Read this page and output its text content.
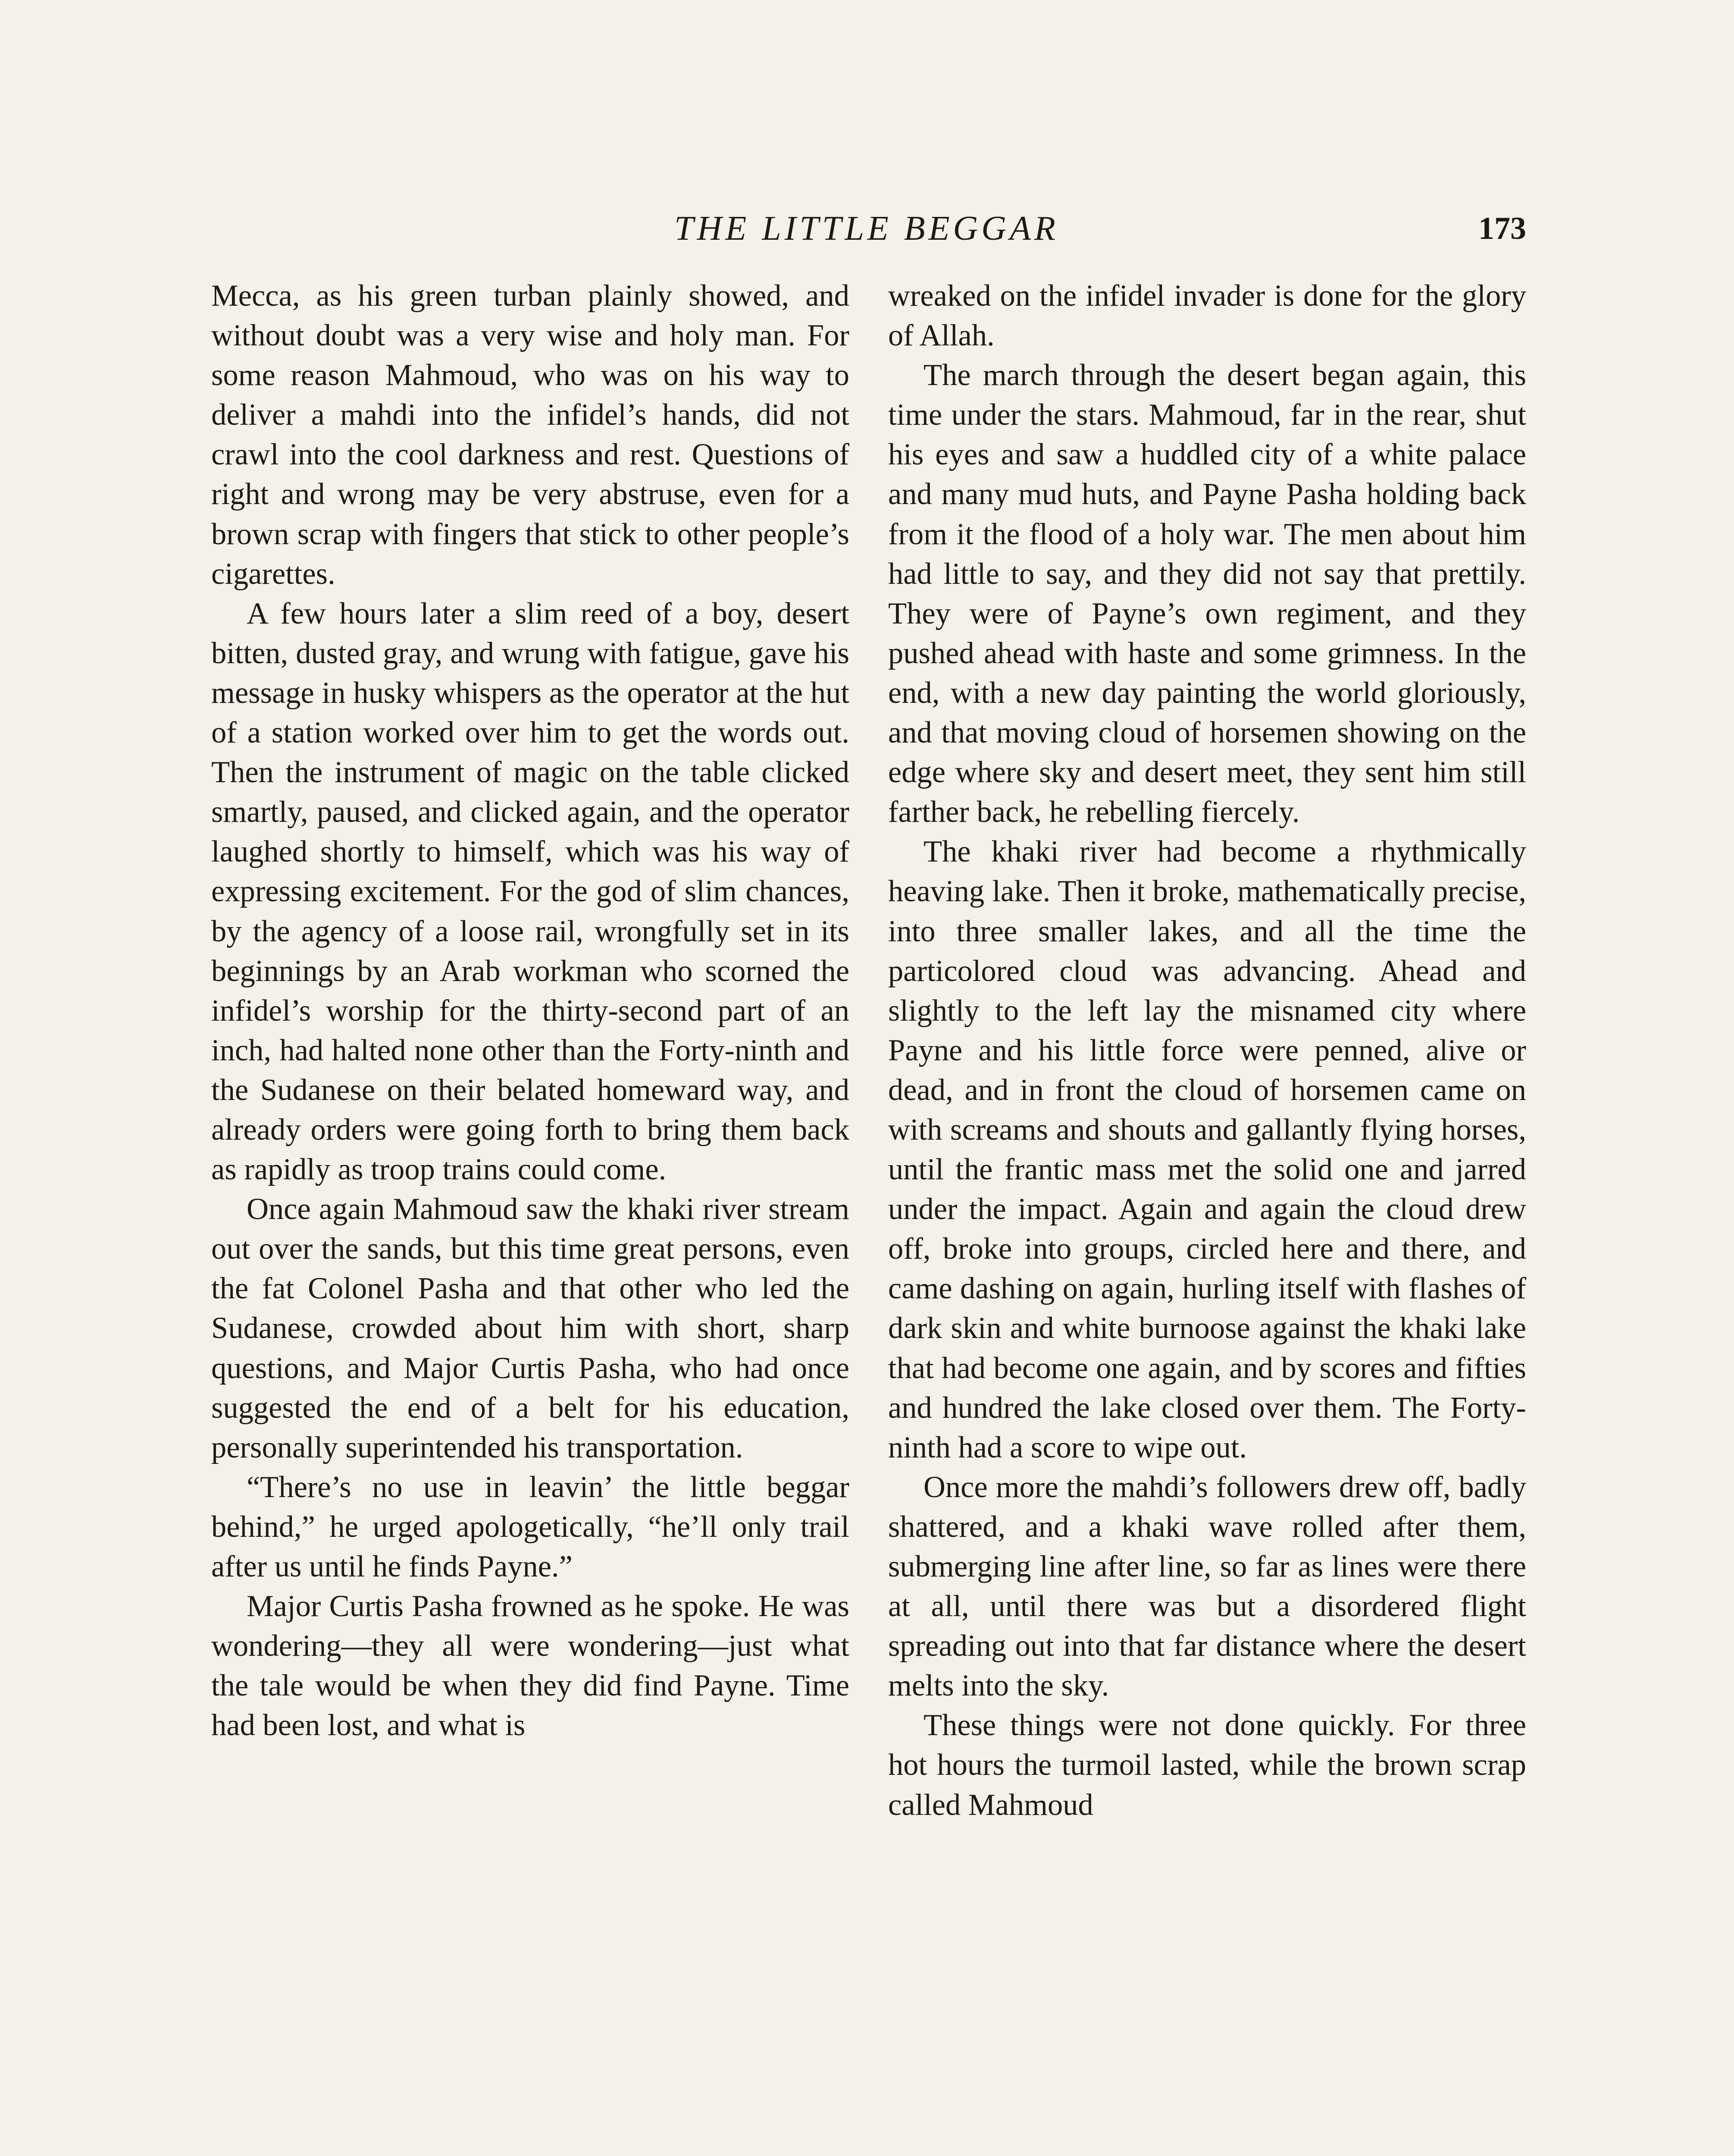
THE LITTLE BEGGAR	173

Mecca, as his green turban plainly showed, and without doubt was a very wise and holy man. For some reason Mahmoud, who was on his way to deliver a mahdi into the infidel’s hands, did not crawl into the cool darkness and rest. Questions of right and wrong may be very abstruse, even for a brown scrap with fingers that stick to other people’s cigarettes.

A few hours later a slim reed of a boy, desert bitten, dusted gray, and wrung with fatigue, gave his message in husky whispers as the operator at the hut of a station worked over him to get the words out. Then the instrument of magic on the table clicked smartly, paused, and clicked again, and the operator laughed shortly to himself, which was his way of expressing excitement. For the god of slim chances, by the agency of a loose rail, wrongfully set in its beginnings by an Arab workman who scorned the infidel’s worship for the thirty-second part of an inch, had halted none other than the Forty-ninth and the Sudanese on their belated homeward way, and already orders were going forth to bring them back as rapidly as troop trains could come.

Once again Mahmoud saw the khaki river stream out over the sands, but this time great persons, even the fat Colonel Pasha and that other who led the Sudanese, crowded about him with short, sharp questions, and Major Curtis Pasha, who had once suggested the end of a belt for his education, personally superintended his transportation.

“There’s no use in leavin’ the little beggar behind,” he urged apologetically, “he’ll only trail after us until he finds Payne.”

Major Curtis Pasha frowned as he spoke. He was wondering—they all were wondering—just what the tale would be when they did find Payne. Time had been lost, and what is

wreaked on the infidel invader is done for the glory of Allah.

The march through the desert began again, this time under the stars. Mahmoud, far in the rear, shut his eyes and saw a huddled city of a white palace and many mud huts, and Payne Pasha holding back from it the flood of a holy war. The men about him had little to say, and they did not say that prettily. They were of Payne’s own regiment, and they pushed ahead with haste and some grimness. In the end, with a new day painting the world gloriously, and that moving cloud of horsemen showing on the edge where sky and desert meet, they sent him still farther back, he rebelling fiercely.

The khaki river had become a rhythmically heaving lake. Then it broke, mathematically precise, into three smaller lakes, and all the time the particolored cloud was advancing. Ahead and slightly to the left lay the misnamed city where Payne and his little force were penned, alive or dead, and in front the cloud of horsemen came on with screams and shouts and gallantly flying horses, until the frantic mass met the solid one and jarred under the impact. Again and again the cloud drew off, broke into groups, circled here and there, and came dashing on again, hurling itself with flashes of dark skin and white burnoose against the khaki lake that had become one again, and by scores and fifties and hundred the lake closed over them. The Forty-ninth had a score to wipe out.

Once more the mahdi’s followers drew off, badly shattered, and a khaki wave rolled after them, submerging line after line, so far as lines were there at all, until there was but a disordered flight spreading out into that far distance where the desert melts into the sky.

These things were not done quickly. For three hot hours the turmoil lasted, while the brown scrap called Mahmoud
